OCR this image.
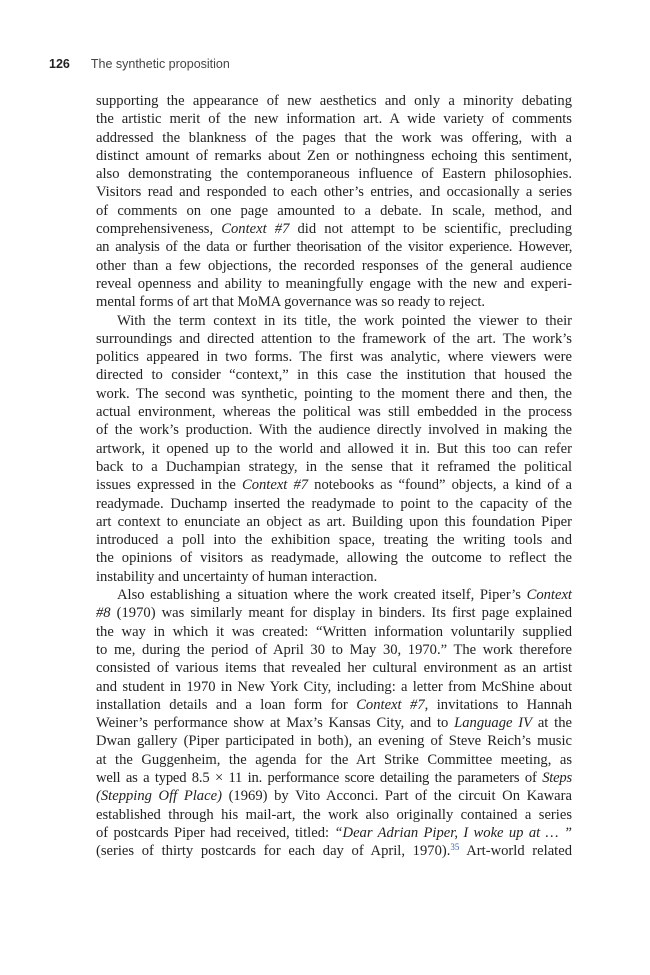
126 The synthetic proposition
supporting the appearance of new aesthetics and only a minority debating
the artistic merit of the new information art. A wide variety of comments
addressed the blankness of the pages that the work was offering, with a
distinct amount of remarks about Zen or nothingness echoing this sentiment,
also demonstrating the contemporaneous influence of Eastern philosophies.
Visitors read and responded to each other’s entries, and occasionally a series
of comments on one page amounted to a debate. In scale, method, and
comprehensiveness, Context #7 did not attempt to be scientific, precluding
an analysis of the data or further theorisation of the visitor experience. However,
other than a few objections, the recorded responses of the general audience
reveal openness and ability to meaningfully engage with the new and experi-
mental forms of art that MoMA governance was so ready to reject.
With the term context in its title, the work pointed the viewer to their
surroundings and directed attention to the framework of the art. The work’s
politics appeared in two forms. The first was analytic, where viewers were
directed to consider “context,” in this case the institution that housed the
work. The second was synthetic, pointing to the moment there and then, the
actual environment, whereas the political was still embedded in the process
of the work’s production. With the audience directly involved in making the
artwork, it opened up to the world and allowed it in. But this too can refer
back to a Duchampian strategy, in the sense that it reframed the political
issues expressed in the Context #7 notebooks as “found” objects, a kind of a
readymade. Duchamp inserted the readymade to point to the capacity of the
art context to enunciate an object as art. Building upon this foundation Piper
introduced a poll into the exhibition space, treating the writing tools and
the opinions of visitors as readymade, allowing the outcome to reflect the
instability and uncertainty of human interaction.
Also establishing a situation where the work created itself, Piper’s Context
#8 (1970) was similarly meant for display in binders. Its first page explained
the way in which it was created: “Written information voluntarily supplied
to me, during the period of April 30 to May 30, 1970.” The work therefore
consisted of various items that revealed her cultural environment as an artist
and student in 1970 in New York City, including: a letter from McShine about
installation details and a loan form for Context #7, invitations to Hannah
Weiner’s performance show at Max’s Kansas City, and to Language IV at the
Dwan gallery (Piper participated in both), an evening of Steve Reich’s music
at the Guggenheim, the agenda for the Art Strike Committee meeting, as
well as a typed 8.5 × 11 in. performance score detailing the parameters of Steps
(Stepping Off Place) (1969) by Vito Acconci. Part of the circuit On Kawara
established through his mail-art, the work also originally contained a series
of postcards Piper had received, titled: “Dear Adrian Piper, I woke up at … ”
(series of thirty postcards for each day of April, 1970).$^{35}$ Art-world related
